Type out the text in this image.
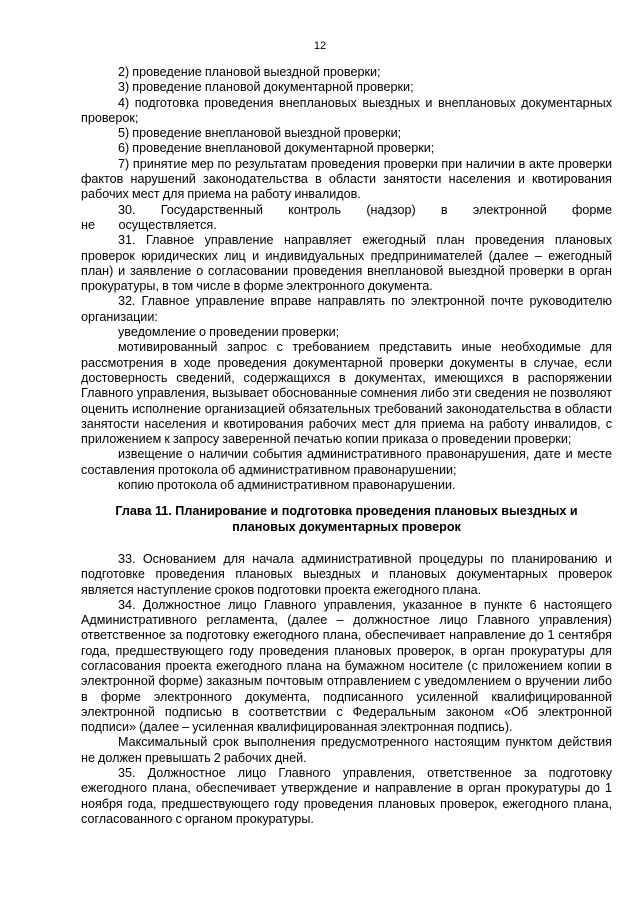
12

2) проведение плановой выездной проверки;

3) проведение плановой документарной проверки;

4) подготовка проведения внеплановых выездных и внеплановых документарных проверок;

5) проведение внеплановой выездной проверки;

6) проведение внеплановой документарной проверки;

7) принятие мер по результатам проведения проверки при наличии в акте проверки фактов нарушений законодательства в области занятости населения и квотирования рабочих мест для приема на работу инвалидов.

30. Государственный контроль (надзор) в электронной форме не осуществляется.

31. Главное управление направляет ежегодный план проведения плановых проверок юридических лиц и индивидуальных предпринимателей (далее – ежегодный план) и заявление о согласовании проведения внеплановой выездной проверки в орган прокуратуры, в том числе в форме электронного документа.

32. Главное управление вправе направлять по электронной почте руководителю организации:

уведомление о проведении проверки;

мотивированный запрос с требованием представить иные необходимые для рассмотрения в ходе проведения документарной проверки документы в случае, если достоверность сведений, содержащихся в документах, имеющихся в распоряжении Главного управления, вызывает обоснованные сомнения либо эти сведения не позволяют оценить исполнение организацией обязательных требований законодательства в области занятости населения и квотирования рабочих мест для приема на работу инвалидов, с приложением к запросу заверенной печатью копии приказа о проведении проверки;

извещение о наличии события административного правонарушения, дате и месте составления протокола об административном правонарушении;

копию протокола об административном правонарушении.

Глава 11. Планирование и подготовка проведения плановых выездных и плановых документарных проверок

33. Основанием для начала административной процедуры по планированию и подготовке проведения плановых выездных и плановых документарных проверок является наступление сроков подготовки проекта ежегодного плана.

34. Должностное лицо Главного управления, указанное в пункте 6 настоящего Административного регламента, (далее – должностное лицо Главного управления) ответственное за подготовку ежегодного плана, обеспечивает направление до 1 сентября года, предшествующего году проведения плановых проверок, в орган прокуратуры для согласования проекта ежегодного плана на бумажном носителе (с приложением копии в электронной форме) заказным почтовым отправлением с уведомлением о вручении либо в форме электронного документа, подписанного усиленной квалифицированной электронной подписью в соответствии с Федеральным законом «Об электронной подписи» (далее – усиленная квалифицированная электронная подпись).

Максимальный срок выполнения предусмотренного настоящим пунктом действия не должен превышать 2 рабочих дней.

35. Должностное лицо Главного управления, ответственное за подготовку ежегодного плана, обеспечивает утверждение и направление в орган прокуратуры до 1 ноября года, предшествующего году проведения плановых проверок, ежегодного плана, согласованного с органом прокуратуры.
